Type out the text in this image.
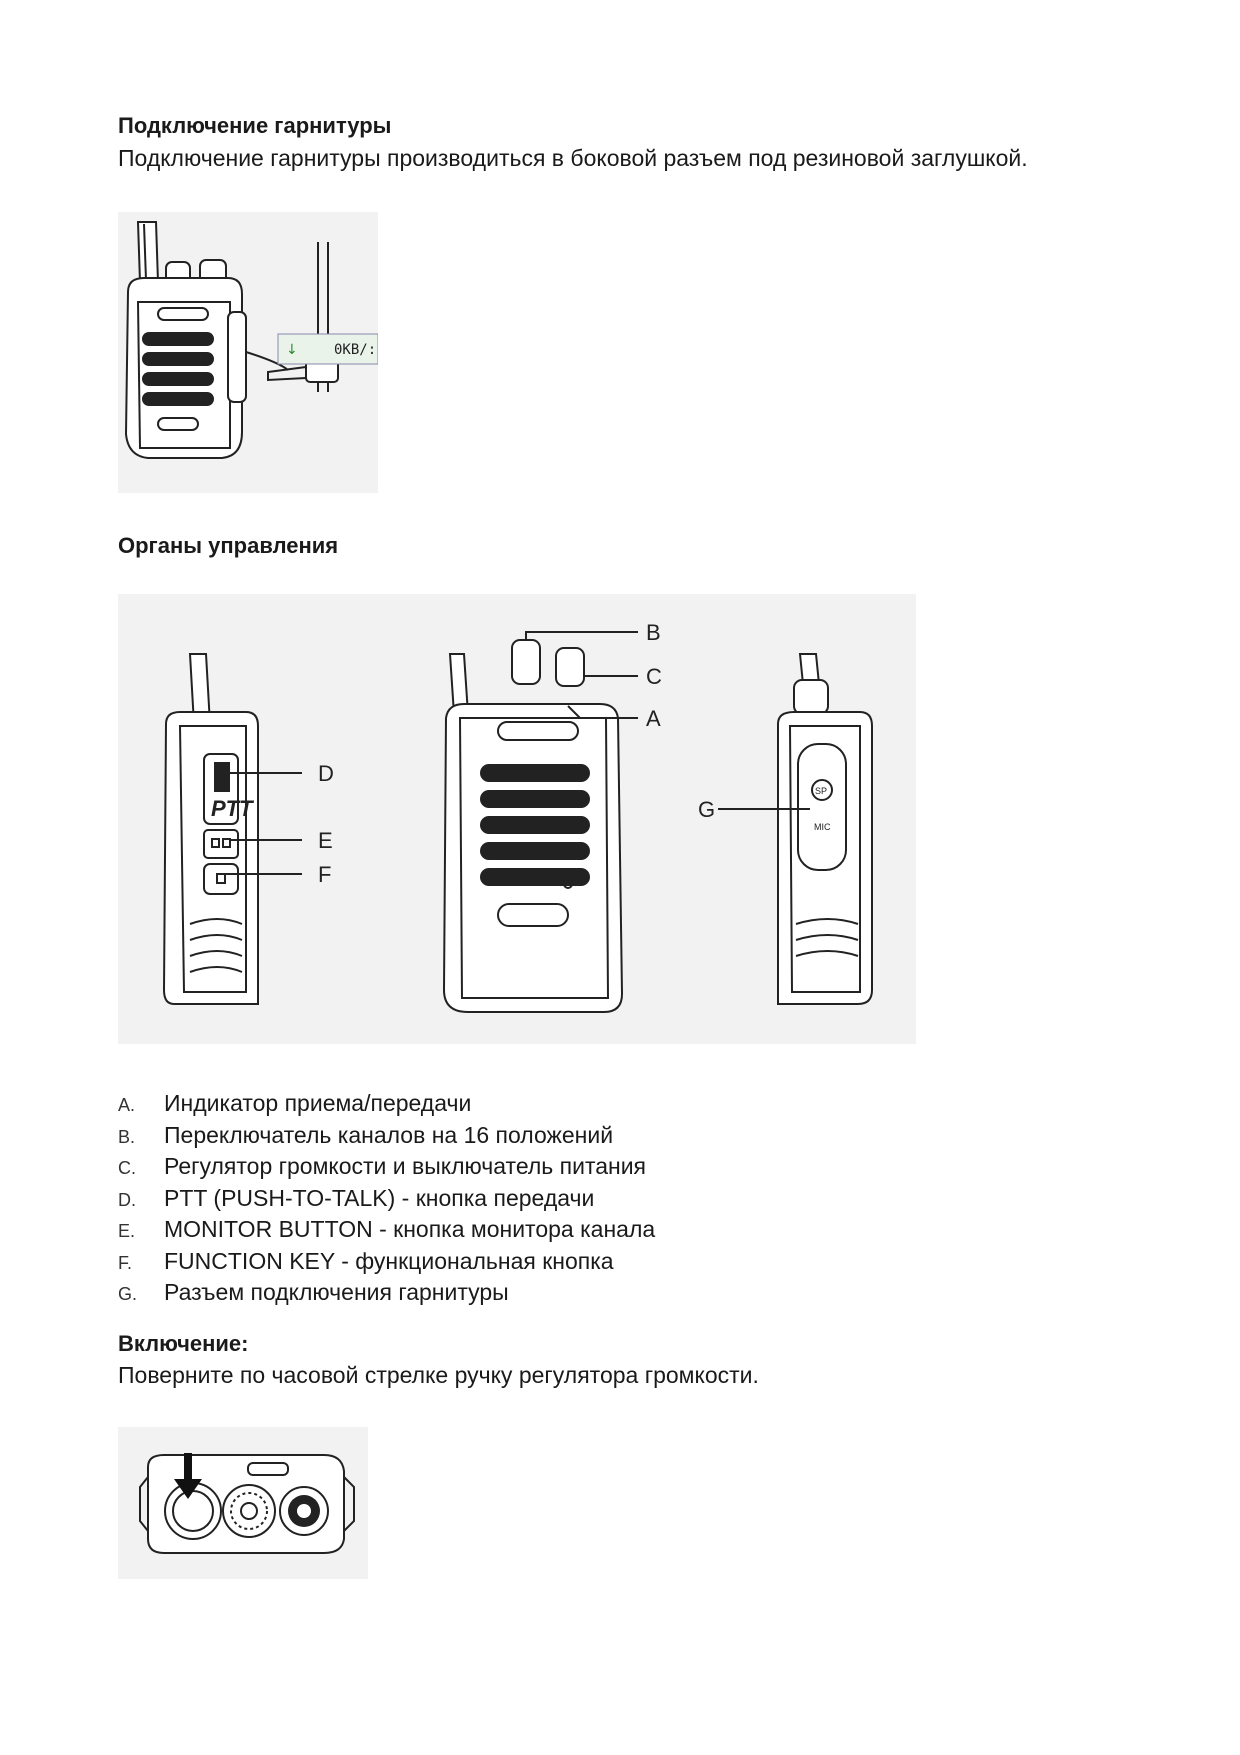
Подключение гарнитуры
Подключение гарнитуры производиться в боковой разъем под резиновой заглушкой.
↓	0KB/:
Органы управления
PTT
D
E
F
B
C
A
SP
MIC
G
A.	Индикатор приема/передачи
B.	Переключатель каналов на 16 положений
C.	Регулятор громкости и выключатель питания
D.	PTT (PUSH-TO-TALK) - кнопка передачи
E.	MONITOR BUTTON - кнопка монитора канала
F.	FUNCTION KEY - функциональная кнопка
G.	Разъем подключения гарнитуры
Включение:
Поверните по часовой стрелке ручку регулятора громкости.
